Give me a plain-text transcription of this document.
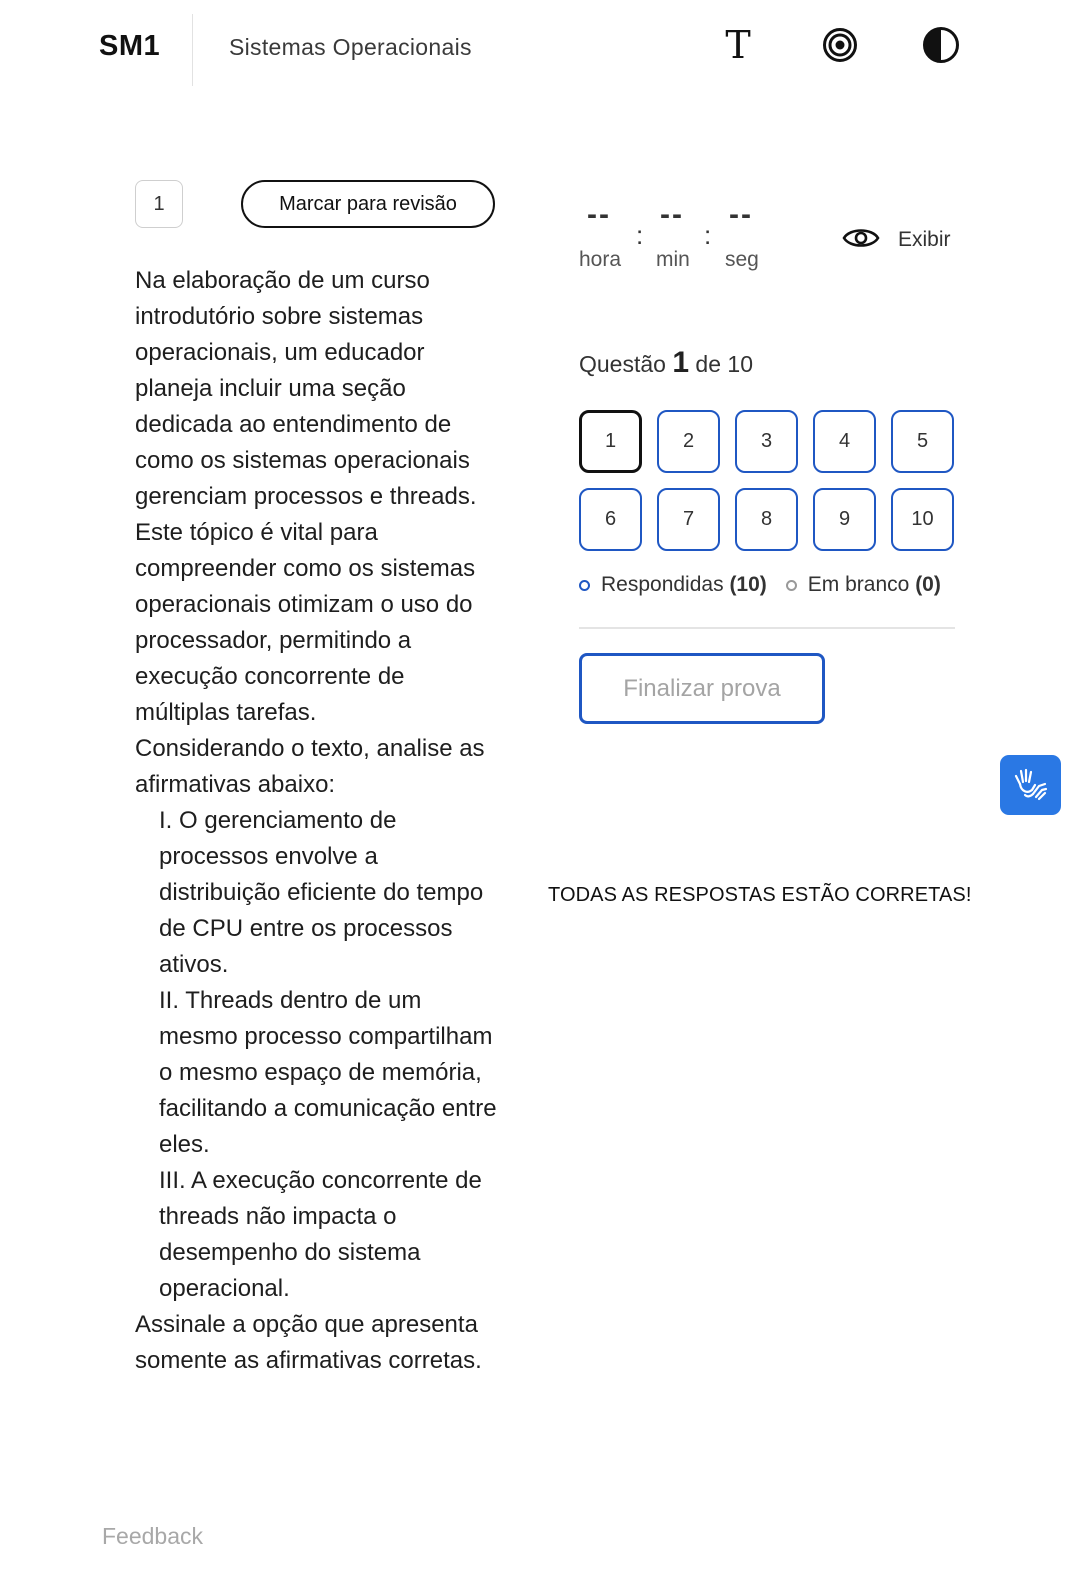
SM1	Sistemas Operacionais	T
1	Marcar para revisão

Na elaboração de um curso introdutório sobre sistemas operacionais, um educador planeja incluir uma seção dedicada ao entendimento de como os sistemas operacionais gerenciam processos e threads. Este tópico é vital para compreender como os sistemas operacionais otimizam o uso do processador, permitindo a execução concorrente de múltiplas tarefas.

Considerando o texto, analise as afirmativas abaixo:

I. O gerenciamento de processos envolve a distribuição eficiente do tempo de CPU entre os processos ativos.

II. Threads dentro de um mesmo processo compartilham o mesmo espaço de memória, facilitando a comunicação entre eles.

III. A execução concorrente de threads não impacta o desempenho do sistema operacional.

Assinale a opção que apresenta somente as afirmativas corretas.

Feedback
--
:
--
:
--
hora min seg
Exibir
Questão 1 de 10
1	2	3	4	5
6	7	8	9	10
Respondidas
(10) Em branco
(0)
Finalizar prova
TODAS AS RESPOSTAS ESTÃO CORRETAS!
